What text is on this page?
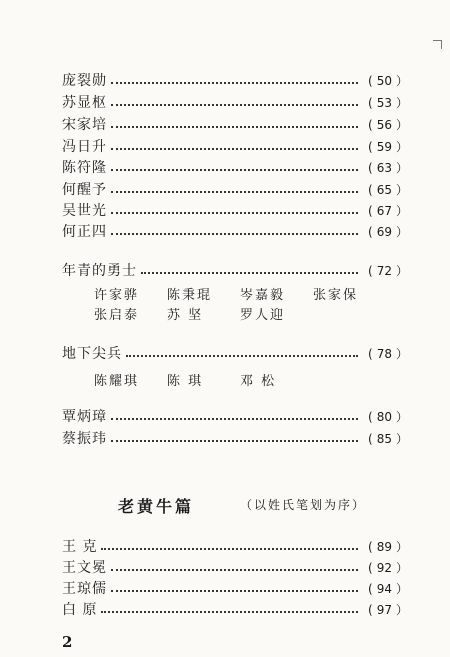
庞裂勋	( 50 ）
苏显枢	( 53 ）
宋家培	( 56 ）
冯日升	( 59 ）
陈符隆	( 63 ）
何醒予	( 65 ）
吴世光	( 67 ）
何正四	( 69 ）
年青的勇士	( 72 ）
许家骅	陈秉琨	岑嘉毅	张家保
张启泰	苏 坚	罗人迎
地下尖兵	( 78 ）
陈耀琪	陈 琪	邓 松
覃炳璋	( 80 ）
蔡振玮	( 85 ）
老黄牛篇	（以姓氏笔划为序）
王 克	( 89 ）
王文冕	( 92 ）
王琼儒	( 94 ）
白 原	( 97 ）
2
